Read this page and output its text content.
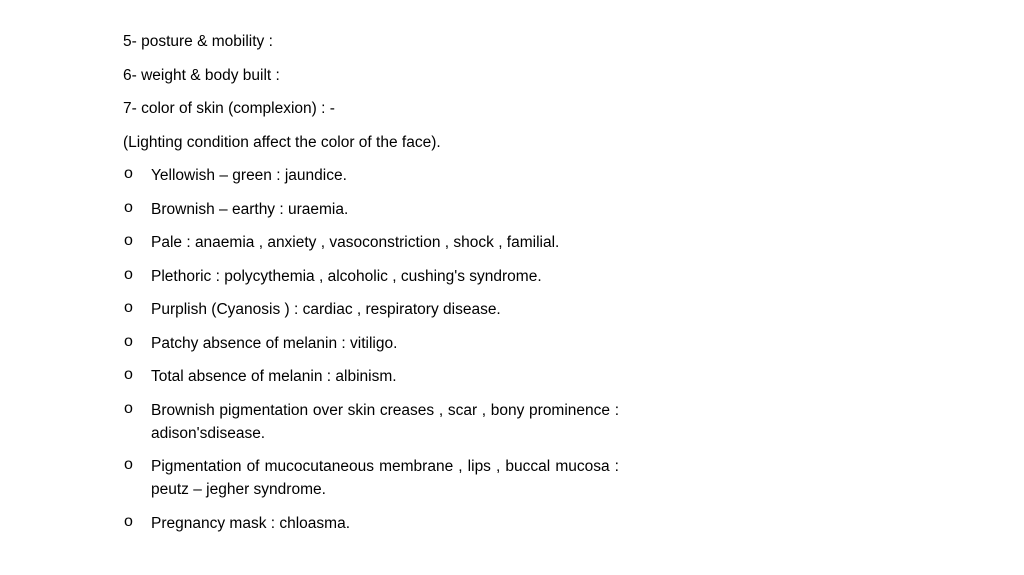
5- posture & mobility :
6- weight & body built :
7- color of skin (complexion) : -
(Lighting condition affect the color of the face).
o Yellowish – green : jaundice.
o Brownish – earthy : uraemia.
o Pale : anaemia , anxiety , vasoconstriction , shock , familial.
o Plethoric : polycythemia , alcoholic , cushing's syndrome.
o Purplish (Cyanosis ) : cardiac , respiratory disease.
o Patchy absence of melanin : vitiligo.
o Total absence of melanin : albinism.
o Brownish pigmentation over skin creases , scar , bony prominence : adison'sdisease.
o Pigmentation of mucocutaneous membrane , lips , buccal mucosa : peutz – jegher syndrome.
o Pregnancy mask : chloasma.
